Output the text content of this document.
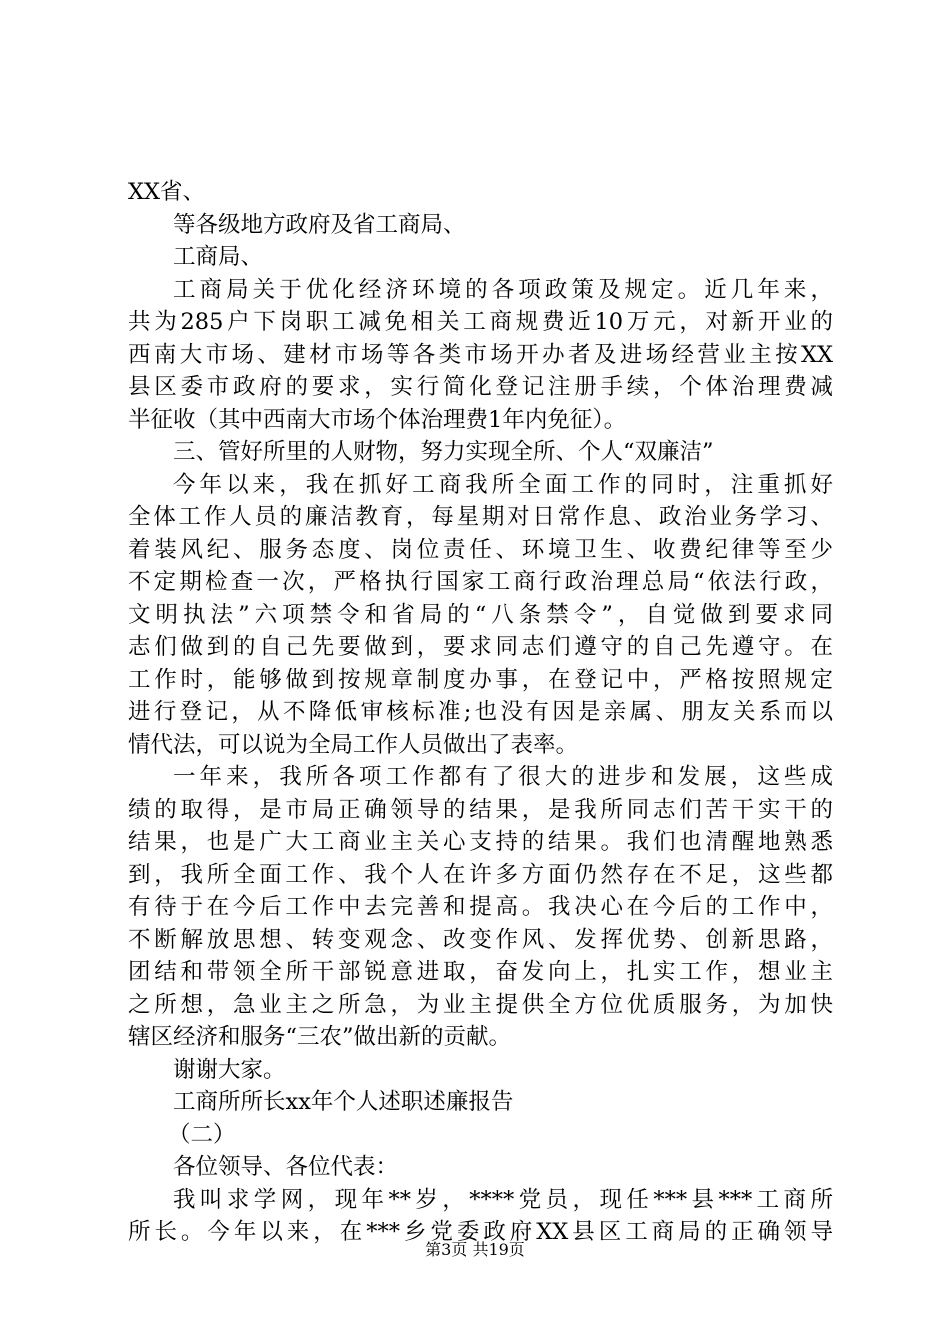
XX省、
等各级地方政府及省工商局、
工商局、
工商局关于优化经济环境的各项政策及规定。近几年来，
共为285户下岗职工减免相关工商规费近10万元，对新开业的
西南大市场、建材市场等各类市场开办者及进场经营业主按XX
县区委市政府的要求，实行简化登记注册手续，个体治理费减
半征收（其中西南大市场个体治理费1年内免征）。
三、管好所里的人财物，努力实现全所、个人“双廉洁”
今年以来，我在抓好工商我所全面工作的同时，注重抓好
全体工作人员的廉洁教育，每星期对日常作息、政治业务学习、
着装风纪、服务态度、岗位责任、环境卫生、收费纪律等至少
不定期检查一次，严格执行国家工商行政治理总局“依法行政，
文明执法”六项禁令和省局的“八条禁令”，自觉做到要求同
志们做到的自己先要做到，要求同志们遵守的自己先遵守。在
工作时，能够做到按规章制度办事，在登记中，严格按照规定
进行登记，从不降低审核标准;也没有因是亲属、朋友关系而以
情代法，可以说为全局工作人员做出了表率。
一年来，我所各项工作都有了很大的进步和发展，这些成
绩的取得，是市局正确领导的结果，是我所同志们苦干实干的
结果，也是广大工商业主关心支持的结果。我们也清醒地熟悉
到，我所全面工作、我个人在许多方面仍然存在不足，这些都
有待于在今后工作中去完善和提高。我决心在今后的工作中，
不断解放思想、转变观念、改变作风、发挥优势、创新思路，
团结和带领全所干部锐意进取，奋发向上，扎实工作，想业主
之所想，急业主之所急，为业主提供全方位优质服务，为加快
辖区经济和服务“三农”做出新的贡献。
谢谢大家。
工商所所长xx年个人述职述廉报告
（二）
各位领导、各位代表：
我叫求学网，现年**岁，****党员，现任***县***工商所
所长。今年以来，在***乡党委政府XX县区工商局的正确领导
第3页 共19页
